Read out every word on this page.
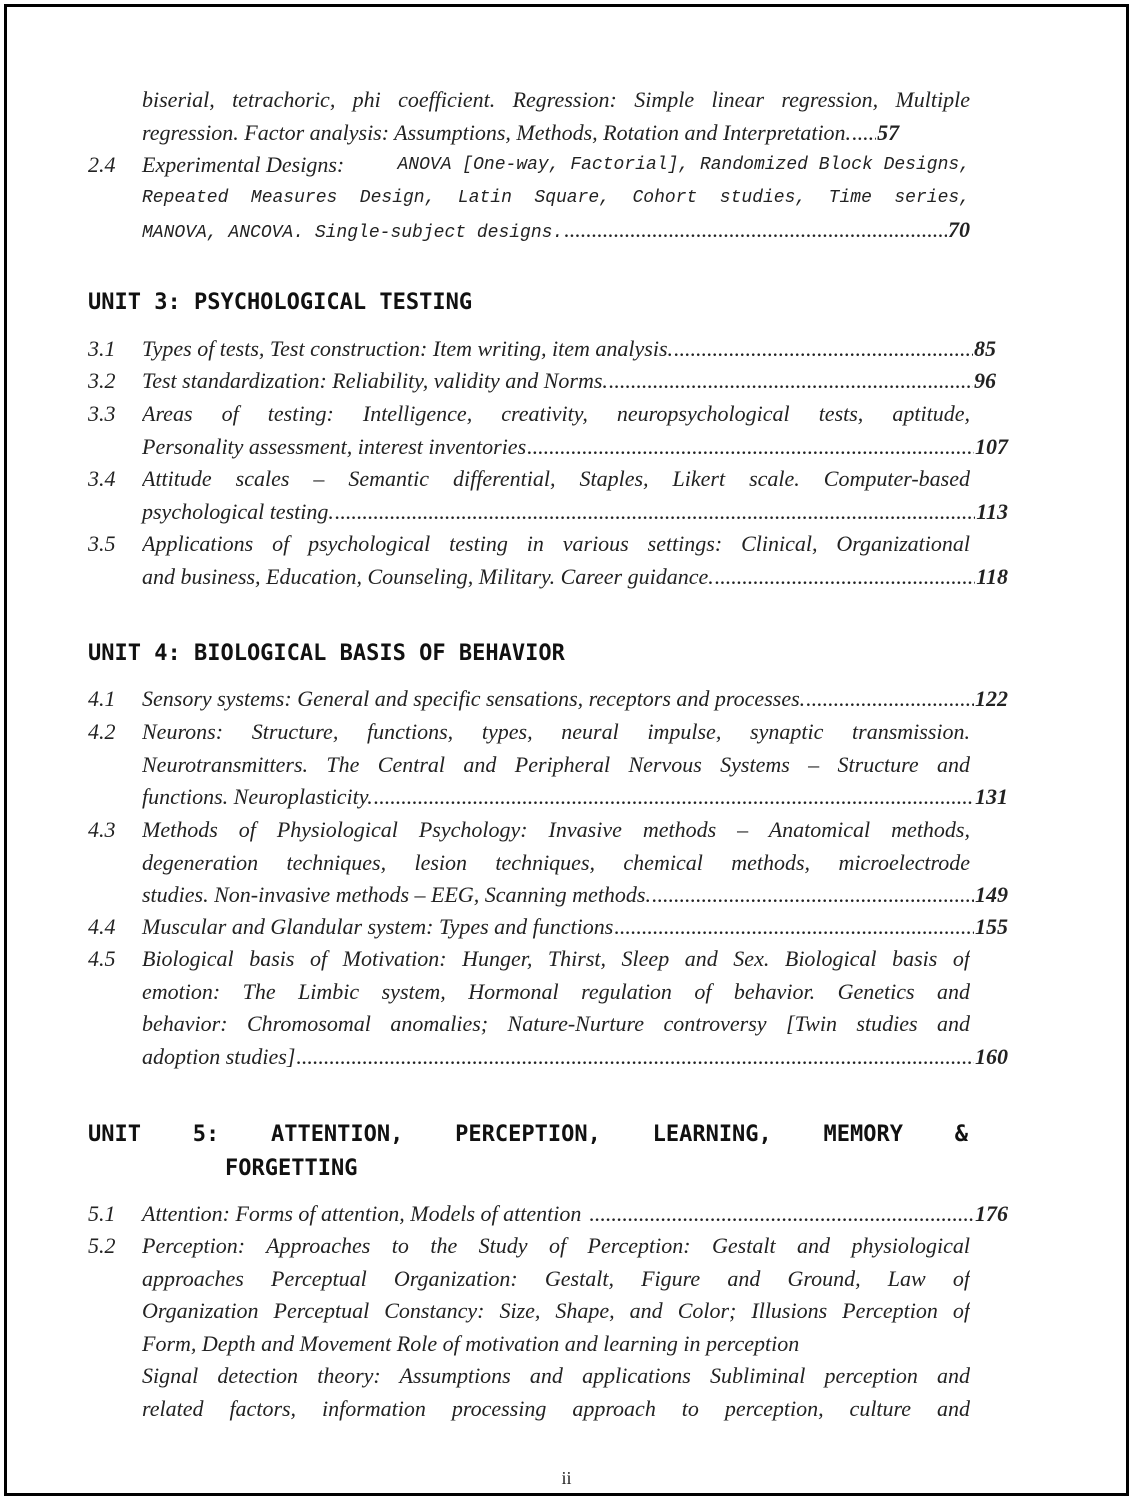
biserial, tetrachoric, phi coefficient. Regression: Simple linear regression, Multiple
regression. Factor analysis: Assumptions, Methods, Rotation and Interpretation. ..... 57
2.4	Experimental Designs:	ANOVA [One-way, Factorial], Randomized Block Designs,
Repeated Measures Design, Latin Square, Cohort studies, Time series,
MANOVA, ANCOVA. Single-subject designs. .....	70
UNIT 3: PSYCHOLOGICAL TESTING
3.1	Types of tests, Test construction: Item writing, item analysis. .....	85
3.2	Test standardization: Reliability, validity and Norms. .....	96
3.3	Areas of testing: Intelligence, creativity, neuropsychological tests, aptitude,
Personality assessment, interest inventories .....	107
3.4	Attitude scales – Semantic differential, Staples, Likert scale. Computer-based
psychological testing. .....	113
3.5	Applications of psychological testing in various settings: Clinical, Organizational
and business, Education, Counseling, Military. Career guidance. .....	118
UNIT 4: BIOLOGICAL BASIS OF BEHAVIOR
4.1	Sensory systems: General and specific sensations, receptors and processes. .....	122
4.2	Neurons: Structure, functions, types, neural impulse, synaptic transmission.
Neurotransmitters. The Central and Peripheral Nervous Systems – Structure and
functions. Neuroplasticity. .....	131
4.3	Methods of Physiological Psychology: Invasive methods – Anatomical methods,
degeneration techniques, lesion techniques, chemical methods, microelectrode
studies. Non-invasive methods – EEG, Scanning methods. .....	149
4.4	Muscular and Glandular system: Types and functions .....	155
4.5	Biological basis of Motivation: Hunger, Thirst, Sleep and Sex. Biological basis of
emotion: The Limbic system, Hormonal regulation of behavior. Genetics and
behavior: Chromosomal anomalies; Nature-Nurture controversy [Twin studies and
adoption studies] .....	160
UNIT 5: ATTENTION, PERCEPTION, LEARNING, MEMORY &
FORGETTING
5.1	Attention: Forms of attention, Models of attention .....	176
5.2	Perception: Approaches to the Study of Perception: Gestalt and physiological
approaches Perceptual Organization: Gestalt, Figure and Ground, Law of
Organization Perceptual Constancy: Size, Shape, and Color; Illusions Perception of
Form, Depth and Movement Role of motivation and learning in perception
Signal detection theory: Assumptions and applications Subliminal perception and
related factors, information processing approach to perception, culture and
ii
